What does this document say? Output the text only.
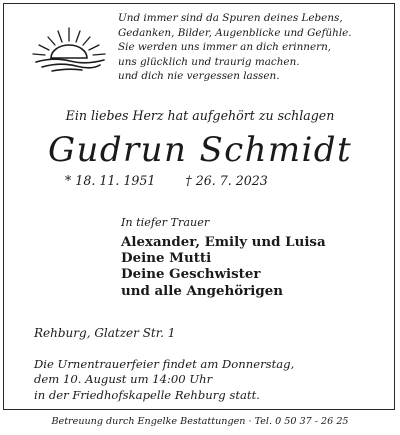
Und immer sind da Spuren deines Lebens,
Gedanken, Bilder, Augenblicke und Gefühle.
Sie werden uns immer an dich erinnern,
uns glücklich und traurig machen.
und dich nie vergessen lassen.
Ein liebes Herz hat aufgehört zu schlagen
Gudrun Schmidt
* 18. 11. 1951 † 26. 7. 2023
In tiefer Trauer
Alexander, Emily und Luisa
Deine Mutti
Deine Geschwister
und alle Angehörigen
Rehburg, Glatzer Str. 1
Die Urnentrauerfeier findet am Donnerstag,
dem 10. August um 14:00 Uhr
in der Friedhofskapelle Rehburg statt.
Betreuung durch Engelke Bestattungen · Tel. 0 50 37 - 26 25
